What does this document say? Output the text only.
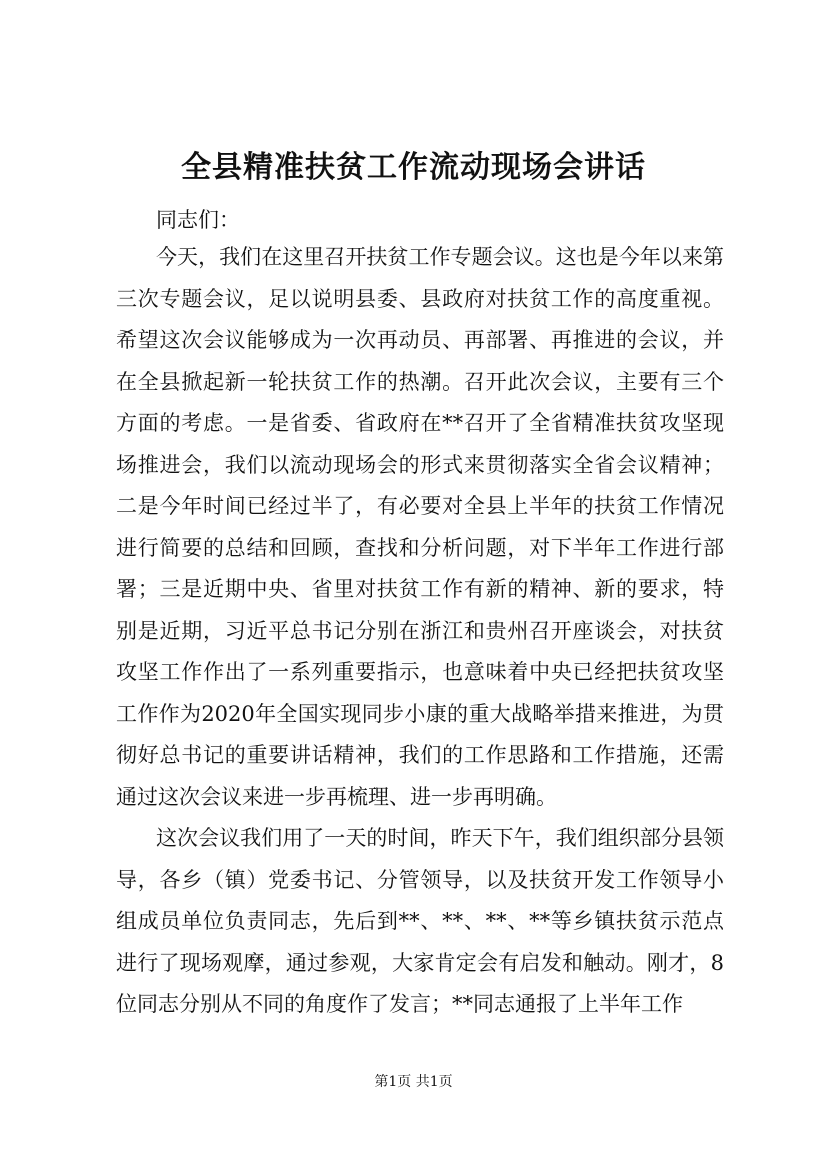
全县精准扶贫工作流动现场会讲话

同志们：

今天，我们在这里召开扶贫工作专题会议。这也是今年以来第三次专题会议，足以说明县委、县政府对扶贫工作的高度重视。希望这次会议能够成为一次再动员、再部署、再推进的会议，并在全县掀起新一轮扶贫工作的热潮。召开此次会议，主要有三个方面的考虑。一是省委、省政府在**召开了全省精准扶贫攻坚现场推进会，我们以流动现场会的形式来贯彻落实全省会议精神；二是今年时间已经过半了，有必要对全县上半年的扶贫工作情况进行简要的总结和回顾，查找和分析问题，对下半年工作进行部署；三是近期中央、省里对扶贫工作有新的精神、新的要求，特别是近期，习近平总书记分别在浙江和贵州召开座谈会，对扶贫攻坚工作作出了一系列重要指示，也意味着中央已经把扶贫攻坚工作作为2020年全国实现同步小康的重大战略举措来推进，为贯彻好总书记的重要讲话精神，我们的工作思路和工作措施，还需通过这次会议来进一步再梳理、进一步再明确。

这次会议我们用了一天的时间，昨天下午，我们组织部分县领导，各乡（镇）党委书记、分管领导，以及扶贫开发工作领导小组成员单位负责同志，先后到**、**、**、**等乡镇扶贫示范点进行了现场观摩，通过参观，大家肯定会有启发和触动。刚才，8位同志分别从不同的角度作了发言；**同志通报了上半年工作

第1页 共1页
